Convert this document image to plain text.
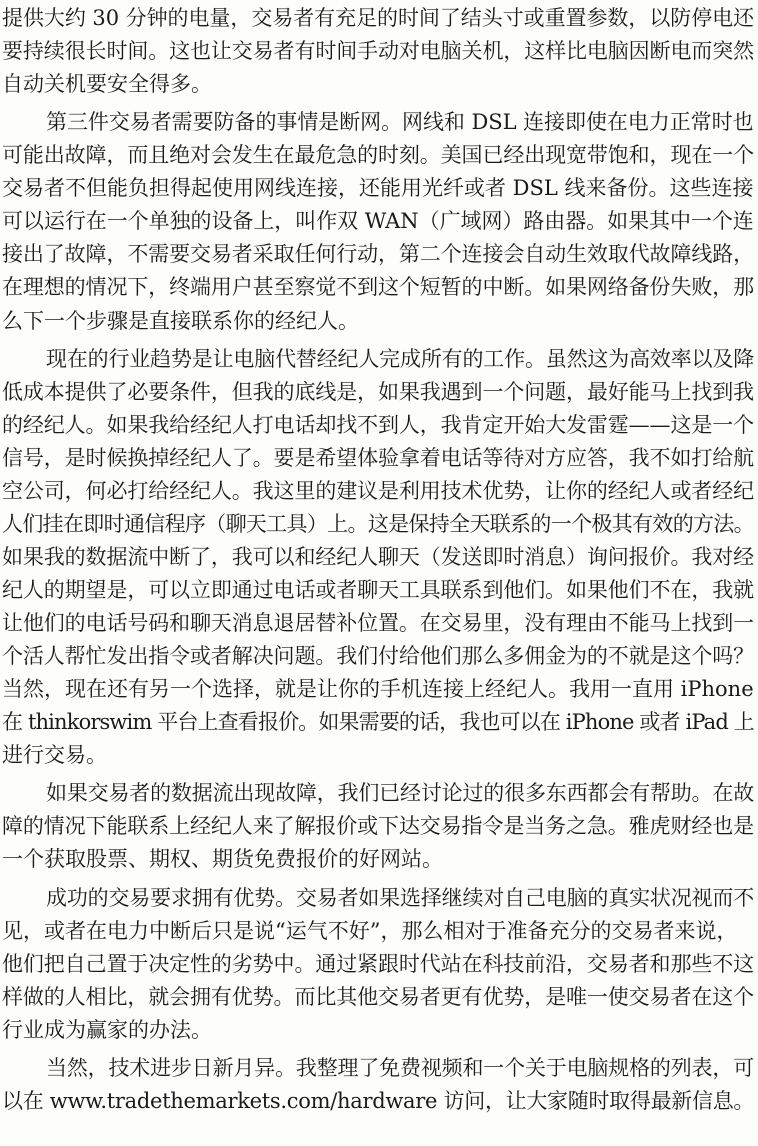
提供大约 30 分钟的电量，交易者有充足的时间了结头寸或重置参数，以防停电还
要持续很长时间。这也让交易者有时间手动对电脑关机，这样比电脑因断电而突然
自动关机要安全得多。
第三件交易者需要防备的事情是断网。网线和 DSL 连接即使在电力正常时也
可能出故障，而且绝对会发生在最危急的时刻。美国已经出现宽带饱和，现在一个
交易者不但能负担得起使用网线连接，还能用光纤或者 DSL 线来备份。这些连接
可以运行在一个单独的设备上，叫作双 WAN（广域网）路由器。如果其中一个连
接出了故障，不需要交易者采取任何行动，第二个连接会自动生效取代故障线路，
在理想的情况下，终端用户甚至察觉不到这个短暂的中断。如果网络备份失败，那
么下一个步骤是直接联系你的经纪人。
现在的行业趋势是让电脑代替经纪人完成所有的工作。虽然这为高效率以及降
低成本提供了必要条件，但我的底线是，如果我遇到一个问题，最好能马上找到我
的经纪人。如果我给经纪人打电话却找不到人，我肯定开始大发雷霆——这是一个
信号，是时候换掉经纪人了。要是希望体验拿着电话等待对方应答，我不如打给航
空公司，何必打给经纪人。我这里的建议是利用技术优势，让你的经纪人或者经纪
人们挂在即时通信程序（聊天工具）上。这是保持全天联系的一个极其有效的方法。
如果我的数据流中断了，我可以和经纪人聊天（发送即时消息）询问报价。我对经
纪人的期望是，可以立即通过电话或者聊天工具联系到他们。如果他们不在，我就
让他们的电话号码和聊天消息退居替补位置。在交易里，没有理由不能马上找到一
个活人帮忙发出指令或者解决问题。我们付给他们那么多佣金为的不就是这个吗？
当然，现在还有另一个选择，就是让你的手机连接上经纪人。我用一直用 iPhone
在 thinkorswim 平台上查看报价。如果需要的话，我也可以在 iPhone 或者 iPad 上
进行交易。
如果交易者的数据流出现故障，我们已经讨论过的很多东西都会有帮助。在故
障的情况下能联系上经纪人来了解报价或下达交易指令是当务之急。雅虎财经也是
一个获取股票、期权、期货免费报价的好网站。
成功的交易要求拥有优势。交易者如果选择继续对自己电脑的真实状况视而不
见，或者在电力中断后只是说“运气不好”，那么相对于准备充分的交易者来说，
他们把自己置于决定性的劣势中。通过紧跟时代站在科技前沿，交易者和那些不这
样做的人相比，就会拥有优势。而比其他交易者更有优势，是唯一使交易者在这个
行业成为赢家的办法。
当然，技术进步日新月异。我整理了免费视频和一个关于电脑规格的列表，可
以在 www.tradethemarkets.com/hardware 访问，让大家随时取得最新信息。
